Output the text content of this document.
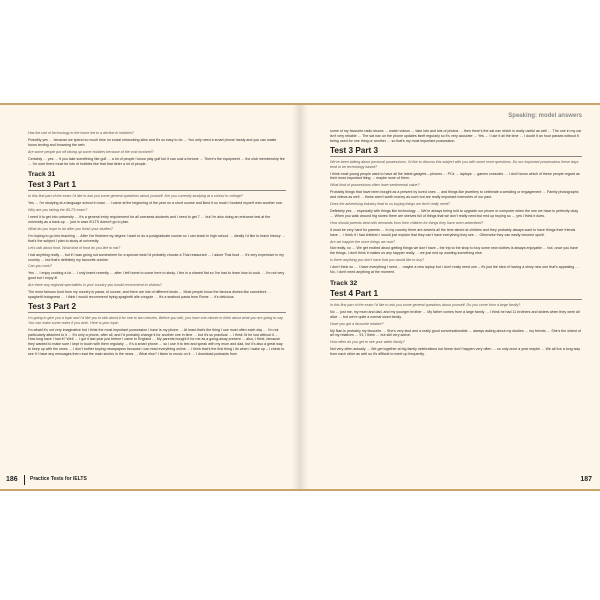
Has the use of technology in the home led to a decline in hobbies?

Possibly yes … because we spend so much time on social networking sites and it's so easy to do … You only need a smart phone handy and you can waste hours texting and browsing the web.

Are some people put off taking up some hobbies because of the cost involved?

Certainly … yes … If you take something like golf … a lot of people I know play golf but it can cost a fortune … There's the equipment … the club membership fee … I'm sure there must be lots of hobbies like that that deter a lot of people.

Track 31
Test 3 Part 1

In this first part of the exam I'd like to ask you some general questions about yourself. Are you currently studying at a school or college?

Yes … I'm studying at a language school in town … I came at the beginning of the year on a short course and liked it so much I booked myself onto another one.

Why are you taking the IELTS exam?

I need it to get into university … It's a general entry requirement for all overseas students and I need to get 7 … but I'm also doing an entrance test at the university as a back-up … just in case IELTS doesn't go to plan.

What do you hope to do after you finish your studies?

I'm hoping to go into teaching … After I've finished my degree I want to do a postgraduate course so I can teach in high school … ideally I'd like to teach history … that's the subject I plan to study at university.

Let's talk about food. What kind of food do you like to eat?

I eat anything really … but if I was going out somewhere for a special meal I'd probably choose a Thai restaurant … I adore Thai food … It's very expensive in my country … but that's definitely my favourite cuisine.

Can you cook?

Yes … I enjoy cooking a lot … I only learnt recently … after I left home to come here to study. I live in a shared flat so I've had to learn how to cook … I'm not very good but I enjoy it!

Are there any regional specialities in your country you would recommend to visitors?

The most famous food from my country is pasta, of course, and there are lots of different kinds … Most people know the famous dishes like cannelloni … spaghetti bolognese … I think I would recommend trying spaghetti alle vongole … It's a seafood pasta from Rome … it's delicious.

Test 3 Part 2

I'm going to give you a topic and I'd like you to talk about it for one to two minutes. Before you talk, you have one minute to think about what you are going to say. You can make some notes if you wish. Here is your topic:

I'm afraid it's not very imaginative but I think the most important possession I have is my phone … At least that's the thing I use most often each day … I'm not particularly attached to it … It's only a phone, after all, and I'd probably change it for another one in time … but it's so practical … I think I'd be lost without it … How long have I had it? Well … I got it last year just before I came to England … My parents bought it for me as a going-away present … also, I think, because they wanted to make sure I kept in touch with them regularly … It's a smart phone … so I use it to text and speak with my mum and dad, but it's also a great way to keep up with the news … I don't bother buying newspapers because I can read everything online … I think that's the first thing I do when I wake up – I check to see if I have any messages then read the main stories in the news … What else? I listen to music on it … I download podcasts from

Speaking: model answers

some of my favourite radio shows … watch videos … take lots and lots of photos … then there's the sat nav which is really useful as well … The one in my car isn't very reliable … The sat nav on the phone updates itself regularly so it's very accurate … Yes … I use it all the time … I doubt if an hour passes without it being used for one thing or another … so that's my most important possession.

Test 3 Part 3

We've been talking about personal possessions. I'd like to discuss this subject with you with some more questions. Do our important possessions these days tend to be technology based?

I think most young people want to have all the latest gadgets – phones … PCs … laptops … games consoles … I don't know which of these people regard as their most important thing … maybe none of them.

What kind of possessions often have sentimental value?

Probably things that have been bought as a present by loved ones … and things like jewellery to celebrate a wedding or engagement … Family photographs and videos as well … these aren't worth money as such but are really important memories of our past.

Does the advertising industry lead to us buying things we don't really need?

Definitely yes … especially with things like technology … We're always being told to upgrade our phone or computer when the one we have is perfectly okay … When you walk around big stores there are shelves full of things that we don't really need but end up buying so … yes I think it does.

How should parents deal with demands from their children for things they have seen advertised?

It must be very hard for parents … In my country there are adverts all the time aimed at children and they probably always want to have things their friends have … I think if I had children I would just explain that they can't have everything they see … Otherwise they can easily become spoilt.

Are we happier the more things we own?

Not really, no … We get excited about getting things we don't have – the trip to the shop to buy some new clothes is always enjoyable … but, once you have the things, I don't think it makes us any happier really … we just end up wanting something else.

Is there anything you don't have that you would like to buy?

I don't think so … I have everything I need … maybe a new laptop but I don't really need one – it's just the idea of having a shiny new one that's appealing … No, I don't need anything at the moment.

Track 32
Test 4 Part 1

In this first part of the exam I'd like to ask you some general questions about yourself. Do you come from a large family?

No … just me, my mum and dad, and my younger brother … My father comes from a large family … I think he had 11 brothers and sisters when they were all alive … but we're quite a normal sized family.

Have you got a favourite relative?

My Nan is probably my favourite … She's very kind and a really good conversationalist … always asking about my studies … my friends … She's the oldest of all my relatives … 91, I think … but still very active.

How often do you get to see your wider family?

Not very often actually … We get together at big family celebrations but these don't happen very often … so only once a year maybe … We all live a long way from each other as well so it's difficult to meet up frequently.

186 Practice Tests for IELTS	187
